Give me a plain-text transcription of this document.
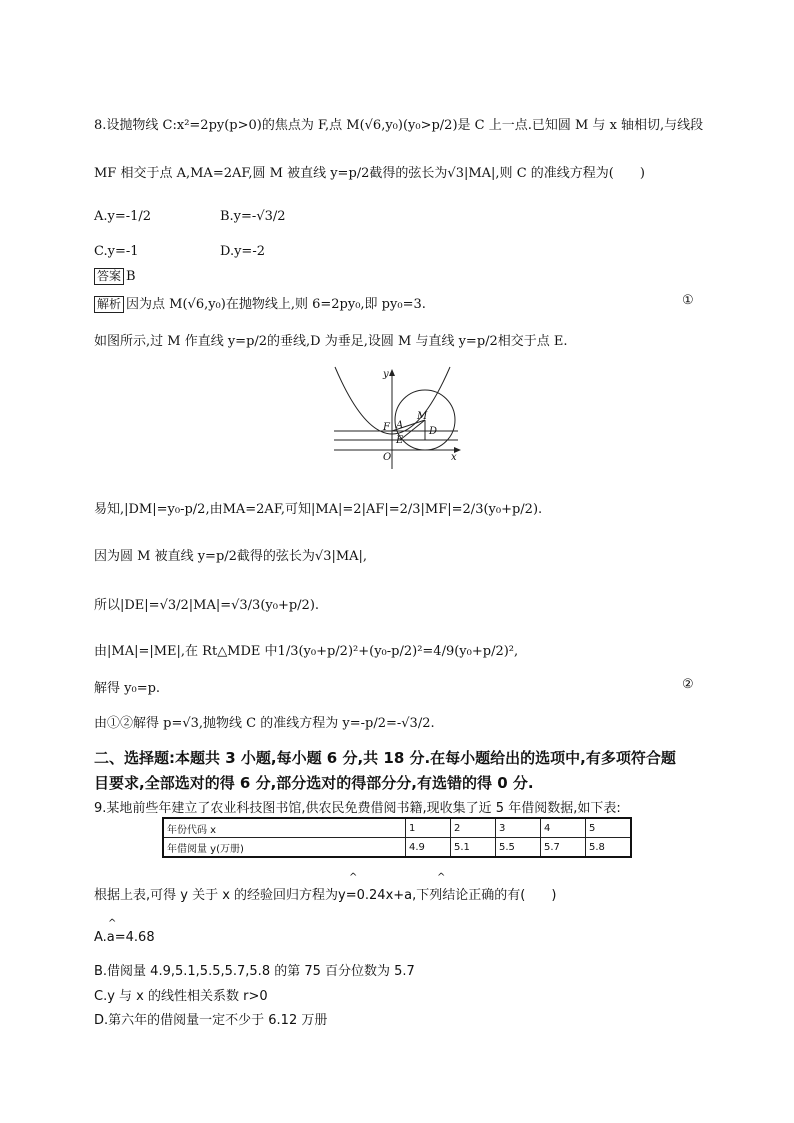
8.设抛物线 C:x²=2py(p>0)的焦点为 F,点 M(√6,y₀)(y₀>p/2)是 C 上一点.已知圆 M 与 x 轴相切,与线段
MF 相交于点 A,MA=2AF,圆 M 被直线 y=p/2截得的弦长为√3|MA|,则 C 的准线方程为(　　)
A.y=-1/2	B.y=-√3/2
C.y=-1	D.y=-2
答案 B
解析 因为点 M(√6,y₀)在抛物线上,则 6=2py₀,即 py₀=3.	①
如图所示,过 M 作直线 y=p/2的垂线,D 为垂足,设圆 M 与直线 y=p/2相交于点 E.
y
x
O
F A
E
M
D
易知,|DM|=y₀-p/2,由MA=2AF,可知|MA|=2|AF|=2/3|MF|=2/3(y₀+p/2).
因为圆 M 被直线 y=p/2截得的弦长为√3|MA|,
所以|DE|=√3/2|MA|=√3/3(y₀+p/2).
由|MA|=|ME|,在 Rt△MDE 中1/3(y₀+p/2)²+(y₀-p/2)²=4/9(y₀+p/2)²,
解得 y₀=p.	②
由①②解得 p=√3,抛物线 C 的准线方程为 y=-p/2=-√3/2.
二、选择题:本题共 3 小题,每小题 6 分,共 18 分.在每小题给出的选项中,有多项符合题
目要求,全部选对的得 6 分,部分选对的得部分分,有选错的得 0 分.
9.某地前些年建立了农业科技图书馆,供农民免费借阅书籍,现收集了近 5 年借阅数据,如下表:
年份代码 x	1	2	3	4	5
年借阅量 y(万册)	4.9	5.1	5.5	5.7	5.8
^	^
根据上表,可得 y 关于 x 的经验回归方程为y=0.24x+a,下列结论正确的有(　　)
^
A.a=4.68
B.借阅量 4.9,5.1,5.5,5.7,5.8 的第 75 百分位数为 5.7
C.y 与 x 的线性相关系数 r>0
D.第六年的借阅量一定不少于 6.12 万册
